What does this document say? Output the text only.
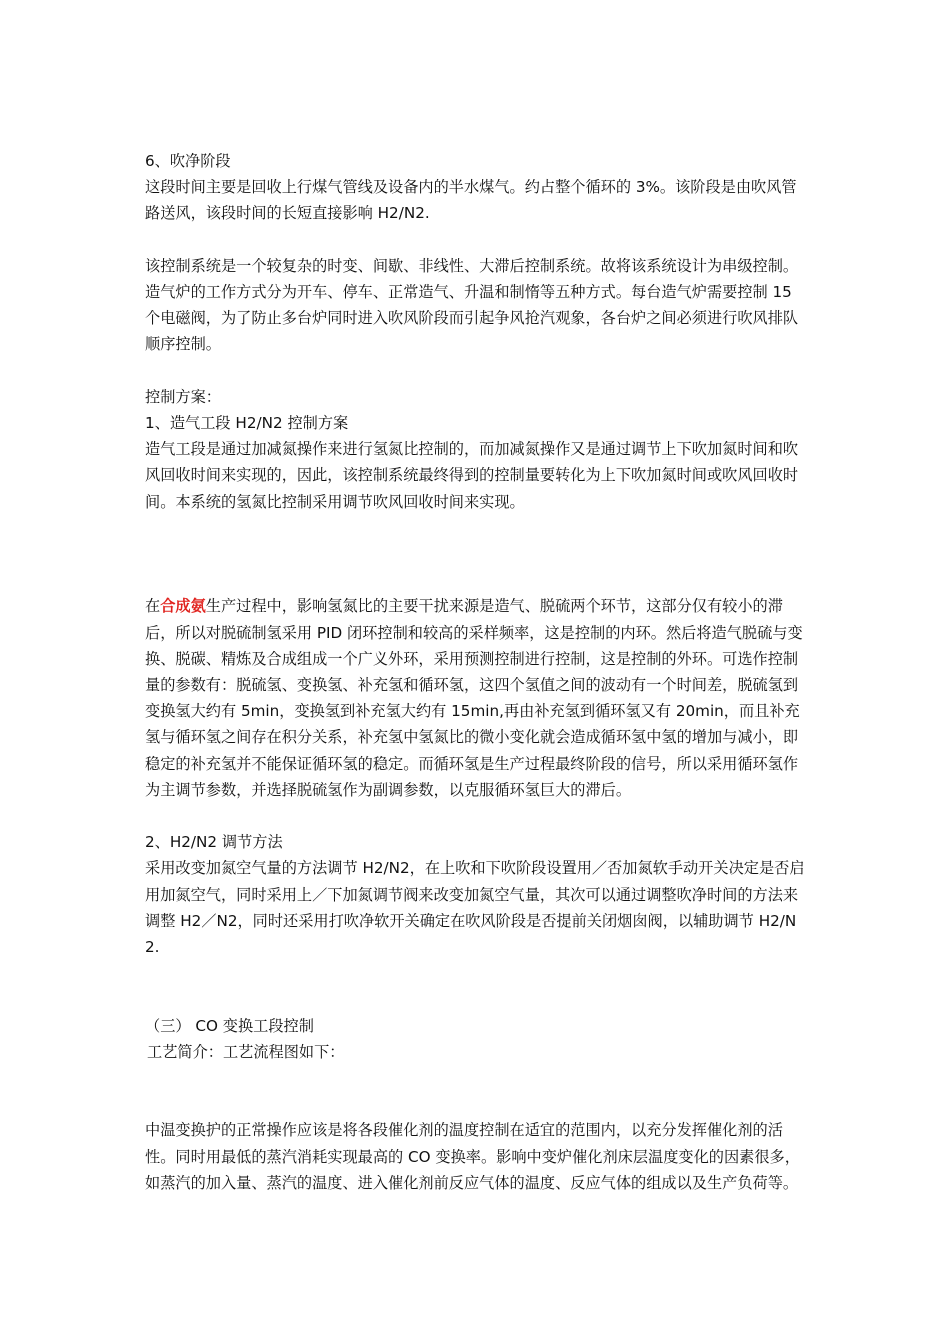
6、吹净阶段

这段时间主要是回收上行煤气管线及设备内的半水煤气。约占整个循环的 3%。该阶段是由吹风管路送风，该段时间的长短直接影响 H2/N2.

该控制系统是一个较复杂的时变、间歇、非线性、大滞后控制系统。故将该系统设计为串级控制。

造气炉的工作方式分为开车、停车、正常造气、升温和制惰等五种方式。每台造气炉需要控制 15 个电磁阀，为了防止多台炉同时进入吹风阶段而引起争风抢汽观象，各台炉之间必须进行吹风排队顺序控制。

控制方案：

1、造气工段 H2/N2 控制方案

造气工段是通过加减氮操作来进行氢氮比控制的，而加减氮操作又是通过调节上下吹加氮时间和吹风回收时间来实现的，因此，该控制系统最终得到的控制量要转化为上下吹加氮时间或吹风回收时间。本系统的氢氮比控制采用调节吹风回收时间来实现。

在合成氨生产过程中，影响氢氮比的主要干扰来源是造气、脱硫两个环节，这部分仅有较小的滞后，所以对脱硫制氢采用 PID 闭环控制和较高的采样频率，这是控制的内环。然后将造气脱硫与变换、脱碳、精炼及合成组成一个广义外环，采用预测控制进行控制，这是控制的外环。可选作控制量的参数有：脱硫氢、变换氢、补充氢和循环氢，这四个氢值之间的波动有一个时间差，脱硫氢到变换氢大约有 5min，变换氢到补充氢大约有 15min,再由补充氢到循环氢又有 20min，而且补充氢与循环氢之间存在积分关系，补充氢中氢氮比的微小变化就会造成循环氢中氢的增加与减小，即稳定的补充氢并不能保证循环氢的稳定。而循环氢是生产过程最终阶段的信号，所以采用循环氢作为主调节参数，并选择脱硫氢作为副调参数，以克服循环氢巨大的滞后。

2、H2/N2 调节方法

采用改变加氮空气量的方法调节 H2/N2，在上吹和下吹阶段设置用／否加氮软手动开关决定是否启用加氮空气，同时采用上／下加氮调节阀来改变加氮空气量，其次可以通过调整吹净时间的方法来调整 H2／N2，同时还采用打吹净软开关确定在吹风阶段是否提前关闭烟囱阀，以辅助调节 H2/N2.

（三） CO 变换工段控制

工艺简介：工艺流程图如下：

中温变换护的正常操作应该是将各段催化剂的温度控制在适宜的范围内，以充分发挥催化剂的活性。同时用最低的蒸汽消耗实现最高的 CO 变换率。影响中变炉催化剂床层温度变化的因素很多，如蒸汽的加入量、蒸汽的温度、进入催化剂前反应气体的温度、反应气体的组成以及生产负荷等。
